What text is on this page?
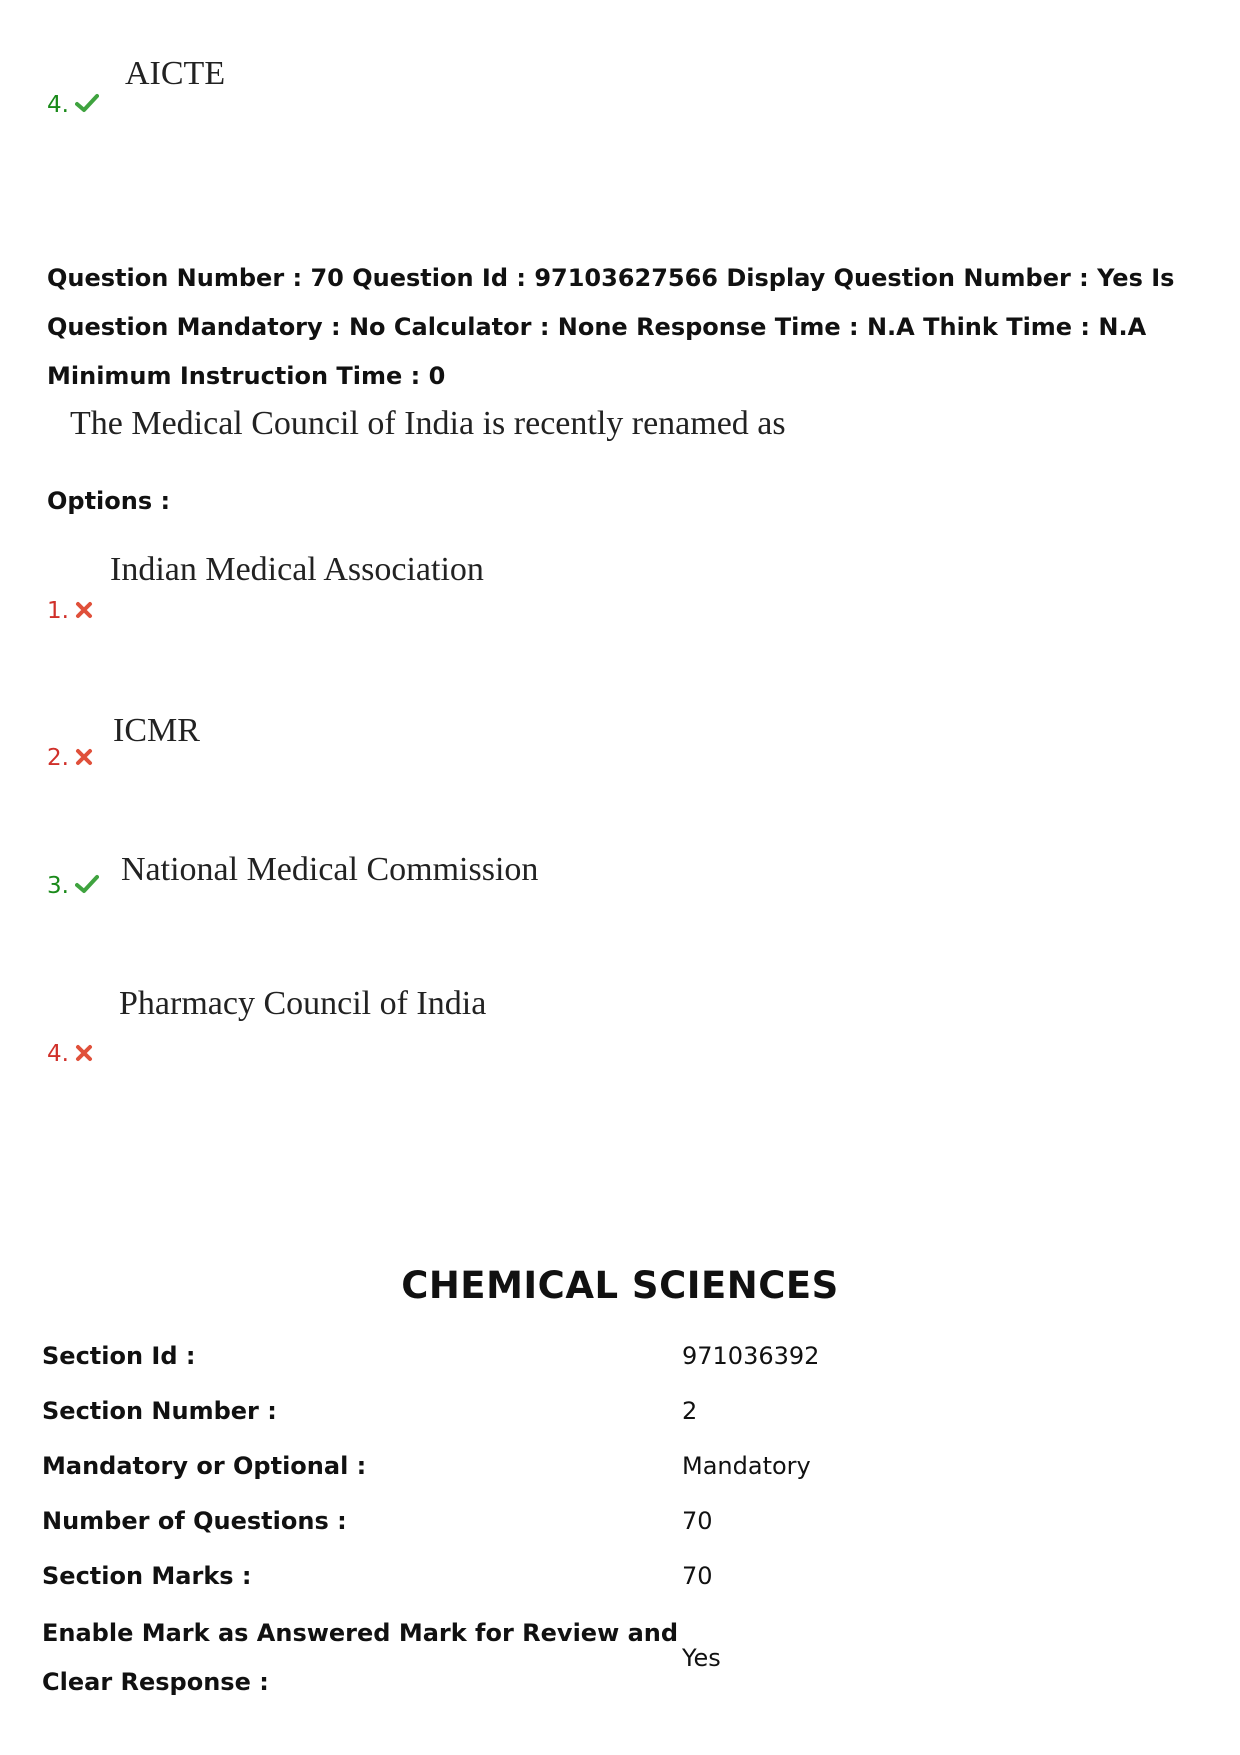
AICTE
4.
Question Number : 70 Question Id : 97103627566 Display Question Number : Yes Is Question Mandatory : No Calculator : None Response Time : N.A Think Time : N.A Minimum Instruction Time : 0
The Medical Council of India is recently renamed as
Options :
Indian Medical Association
1.
ICMR
2.
National Medical Commission
3.
Pharmacy Council of India
4.
CHEMICAL SCIENCES
Section Id :	971036392
Section Number :	2
Mandatory or Optional :	Mandatory
Number of Questions :	70
Section Marks :	70
Enable Mark as Answered Mark for Review and Clear Response :	Yes
